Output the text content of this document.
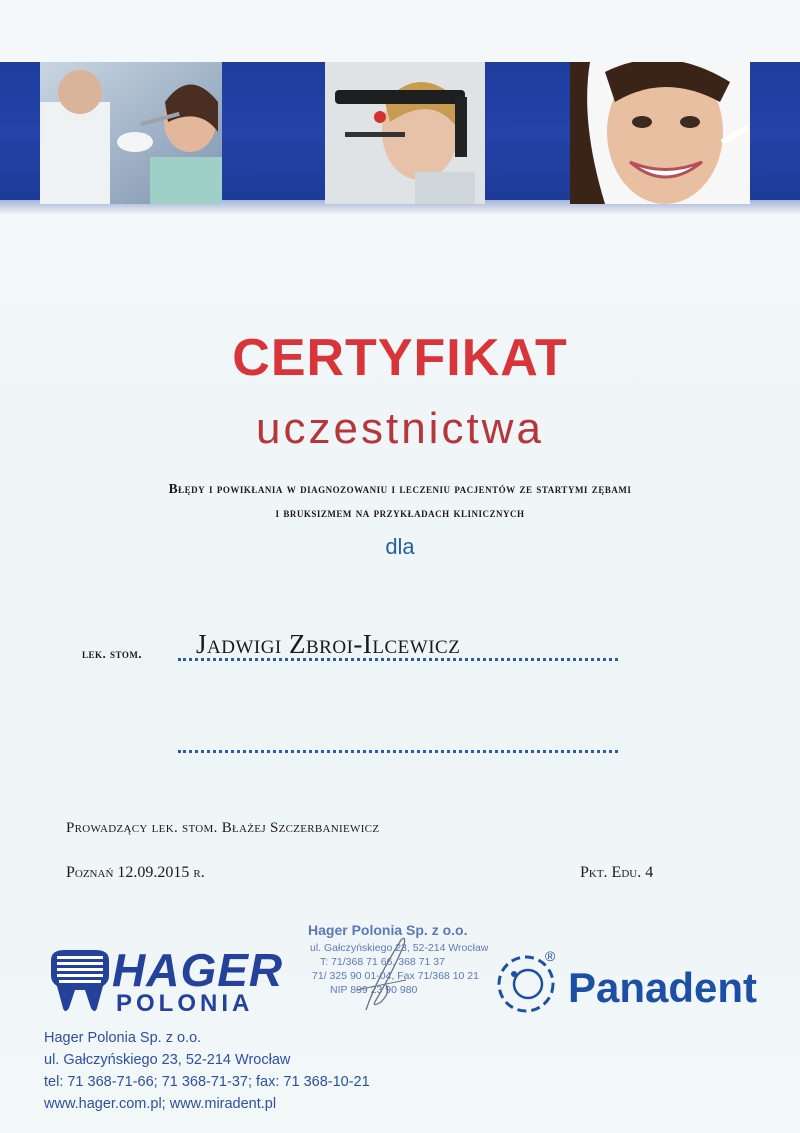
CERTYFIKAT
uczestnictwa
Błędy i powikłania w diagnozowaniu i leczeniu pacjentów ze startymi zębami
i bruksizmem na przykładach klinicznych
dla
lek. stom. Jadwigi Zbroi-Ilcewicz
Prowadzący lek. stom. Błażej Szczerbaniewicz
Poznań 12.09.2015 r.	Pkt. Edu. 4
HAGER
POLONIA
Hager Polonia Sp. z o.o.
ul. Gałczyńskiego 23, 52-214 Wrocław
tel: 71 368-71-66; 71 368-71-37; fax: 71 368-10-21
www.hager.com.pl; www.miradent.pl
Hager Polonia Sp. z o.o.
ul. Gałczyńskiego 23, 52-214 Wrocław
T: 71/368 71 66, 368 71 37
71/ 325 90 01-04, Fax 71/368 10 21
NIP 899 23 90 980
®
Panadent
